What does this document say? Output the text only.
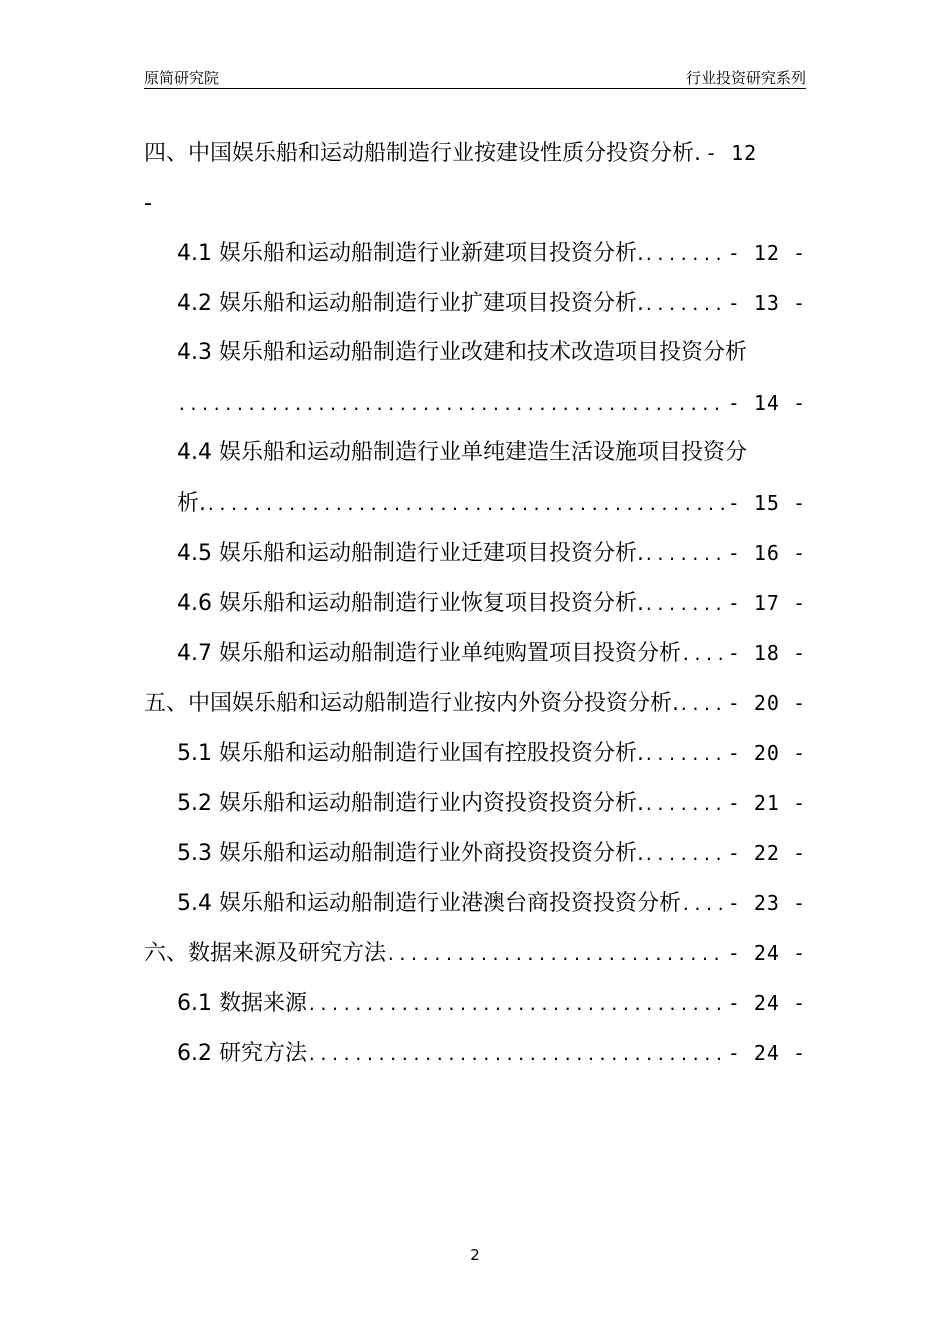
原简研究院	行业投资研究系列
四、中国娱乐船和运动船制造行业按建设性质分投资分析. - 12
-
4.1 娱乐船和运动船制造行业新建项目投资分析. .....	- 12 -
4.2 娱乐船和运动船制造行业扩建项目投资分析. .....	- 13 -
4.3 娱乐船和运动船制造行业改建和技术改造项目投资分析
.....
- 14 -
4.4 娱乐船和运动船制造行业单纯建造生活设施项目投资分
析. .....	- 15 -
4.5 娱乐船和运动船制造行业迁建项目投资分析. .....	- 16 -
4.6 娱乐船和运动船制造行业恢复项目投资分析. .....	- 17 -
4.7 娱乐船和运动船制造行业单纯购置项目投资分析 ..... - 18 -
五、中国娱乐船和运动船制造行业按内外资分投资分析. ..... - 20 -
5.1 娱乐船和运动船制造行业国有控股投资分析. .....	- 20 -
5.2 娱乐船和运动船制造行业内资投资投资分析. .....	- 21 -
5.3 娱乐船和运动船制造行业外商投资投资分析. .....	- 22 -
5.4 娱乐船和运动船制造行业港澳台商投资投资分析 ..... - 23 -
六、数据来源及研究方法 .....	- 24 -
6.1 数据来源 .....	- 24 -
6.2 研究方法 .....	- 24 -
2
